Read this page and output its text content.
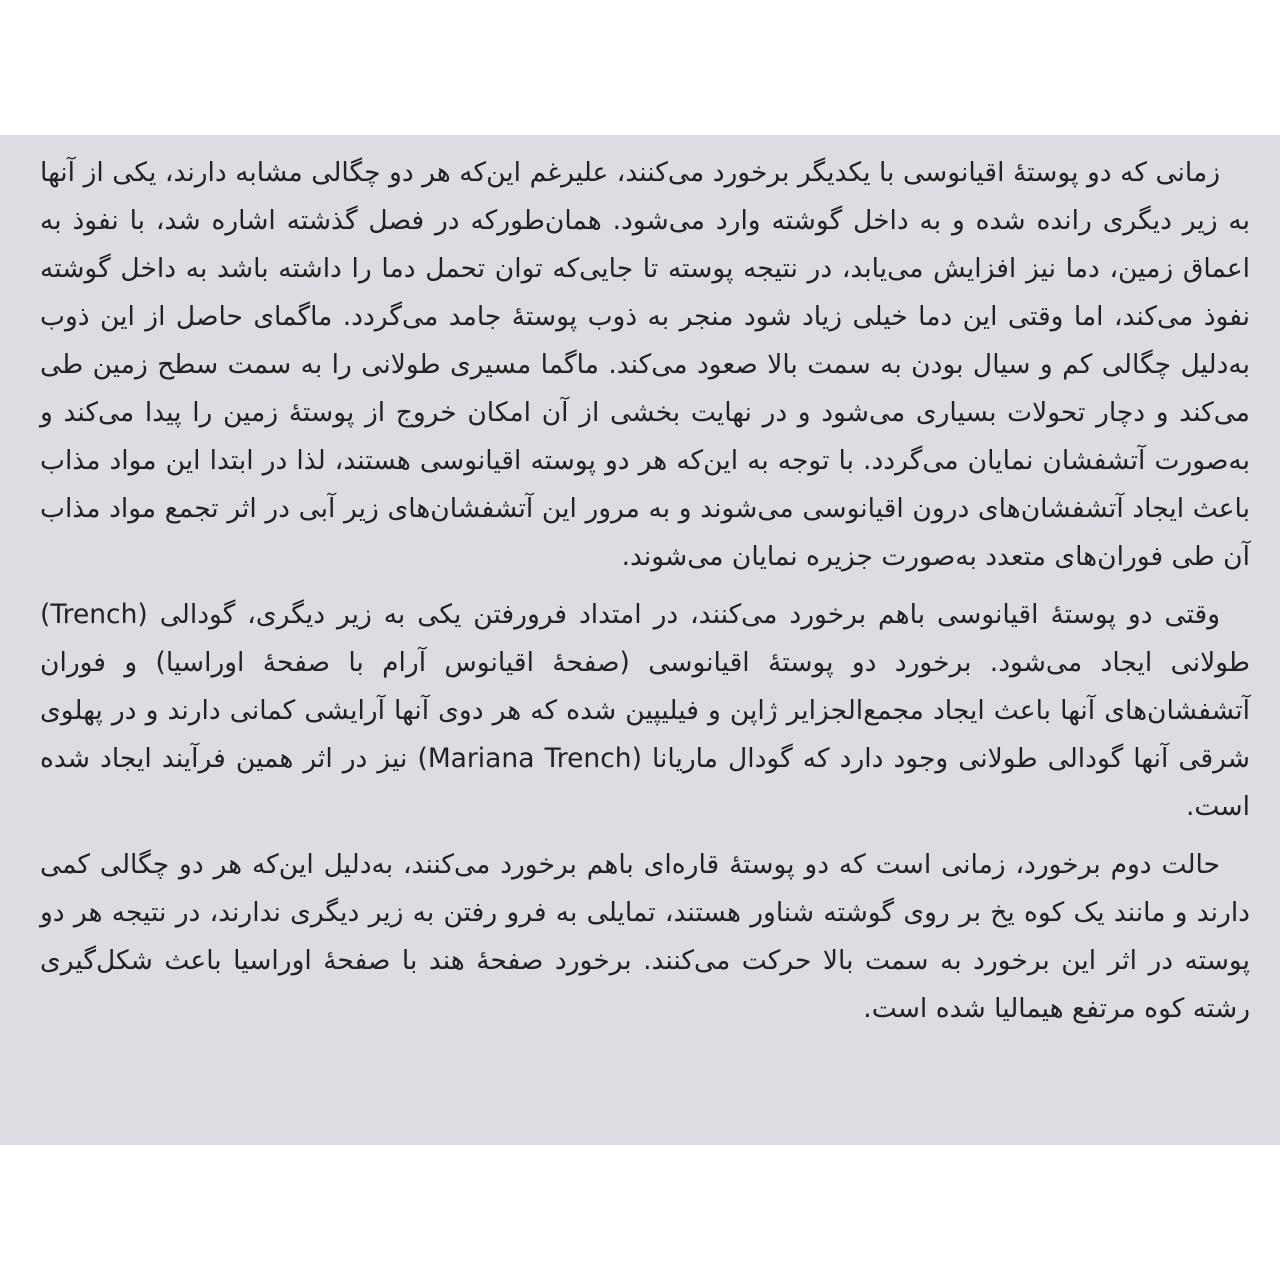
زمانی که دو پوستهٔ اقیانوسی با یکدیگر برخورد می‌کنند، علیرغم این‌که هر دو چگالی مشابه دارند، یکی از آنها به زیر دیگری رانده شده و به داخل گوشته وارد می‌شود. همان‌طورکه در فصل گذشته اشاره شد، با نفوذ به اعماق زمین، دما نیز افزایش می‌یابد، در نتیجه پوسته تا جایی‌که توان تحمل دما را داشته باشد به داخل گوشته نفوذ می‌کند، اما وقتی این دما خیلی زیاد شود منجر به ذوب پوستهٔ جامد می‌گردد. ماگمای حاصل از این ذوب به‌دلیل چگالی کم و سیال بودن به سمت بالا صعود می‌کند. ماگما مسیری طولانی را به سمت سطح زمین طی می‌کند و دچار تحولات بسیاری می‌شود و در نهایت بخشی از آن امکان خروج از پوستهٔ زمین را پیدا می‌کند و به‌صورت آتشفشان نمایان می‌گردد. با توجه به این‌که هر دو پوسته اقیانوسی هستند، لذا در ابتدا این مواد مذاب باعث ایجاد آتشفشان‌های درون اقیانوسی می‌شوند و به مرور این آتشفشان‌های زیر آبی در اثر تجمع مواد مذاب آن طی فوران‌های متعدد به‌صورت جزیره نمایان می‌شوند.

وقتی دو پوستهٔ اقیانوسی باهم برخورد می‌کنند، در امتداد فرورفتن یکی به زیر دیگری، گودالی (Trench) طولانی ایجاد می‌شود. برخورد دو پوستهٔ اقیانوسی (صفحهٔ اقیانوس آرام با صفحهٔ اوراسیا) و فوران آتشفشان‌های آنها باعث ایجاد مجمع‌الجزایر ژاپن و فیلیپین شده که هر دوی آنها آرایشی کمانی دارند و در پهلوی شرقی آنها گودالی طولانی وجود دارد که گودال ماریانا (Mariana Trench) نیز در اثر همین فرآیند ایجاد شده است.

حالت دوم برخورد، زمانی است که دو پوستهٔ قاره‌ای باهم برخورد می‌کنند، به‌دلیل این‌که هر دو چگالی کمی دارند و مانند یک کوه یخ بر روی گوشته شناور هستند، تمایلی به فرو رفتن به زیر دیگری ندارند، در نتیجه هر دو پوسته در اثر این برخورد به سمت بالا حرکت می‌کنند. برخورد صفحهٔ هند با صفحهٔ اوراسیا باعث شکل‌گیری رشته کوه مرتفع هیمالیا شده است.
